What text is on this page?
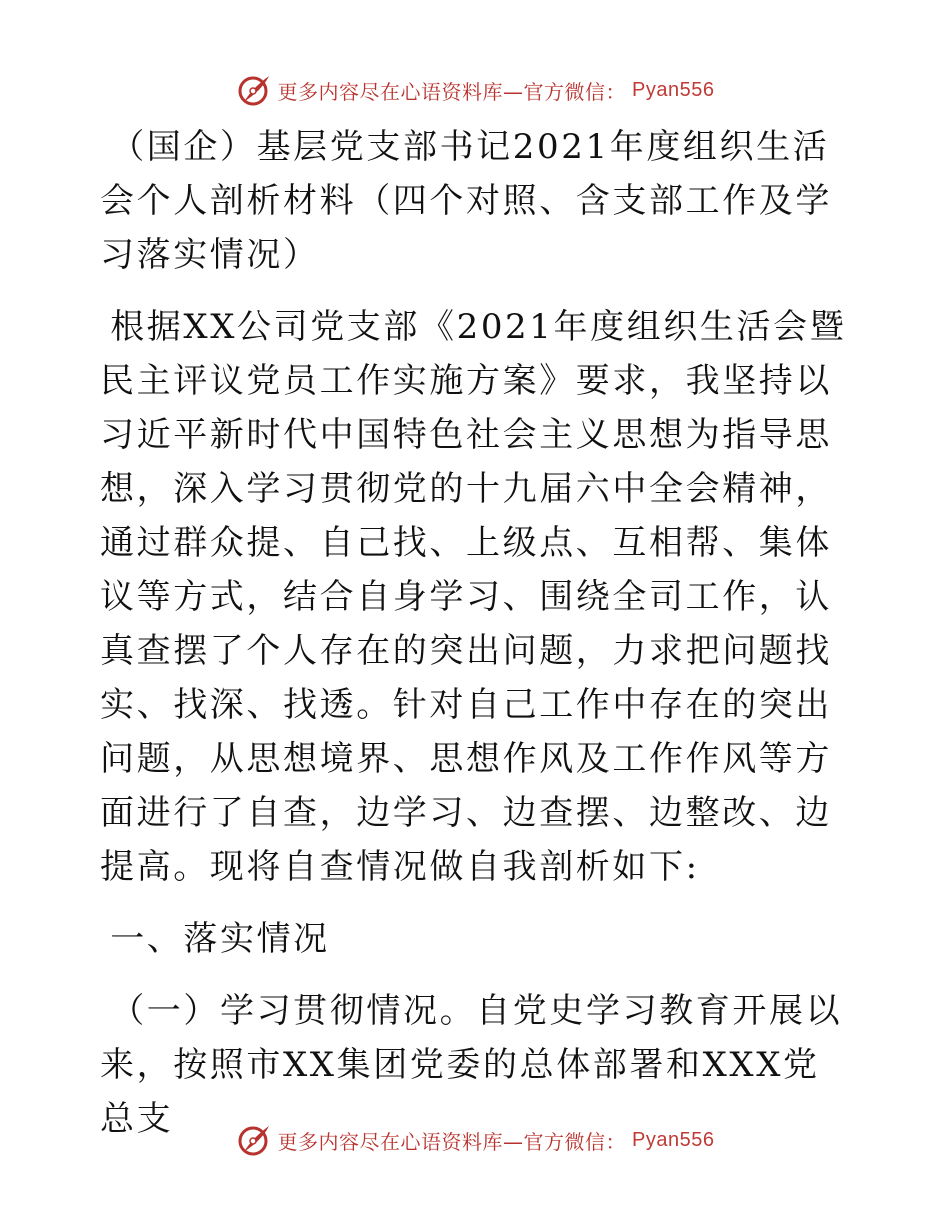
更多内容尽在心语资料库—官方微信： Pyan556

（国企）基层党支部书记2021年度组织生活会个人剖析材料（四个对照、含支部工作及学习落实情况）

根据XX公司党支部《2021年度组织生活会暨民主评议党员工作实施方案》要求，我坚持以习近平新时代中国特色社会主义思想为指导思想，深入学习贯彻党的十九届六中全会精神，通过群众提、自己找、上级点、互相帮、集体议等方式，结合自身学习、围绕全司工作，认真查摆了个人存在的突出问题，力求把问题找实、找深、找透。针对自己工作中存在的突出问题，从思想境界、思想作风及工作作风等方面进行了自查，边学习、边查摆、边整改、边提高。现将自查情况做自我剖析如下:

一、落实情况

（一）学习贯彻情况。自党史学习教育开展以来，按照市XX集团党委的总体部署和XXX党总支

更多内容尽在心语资料库—官方微信： Pyan556
